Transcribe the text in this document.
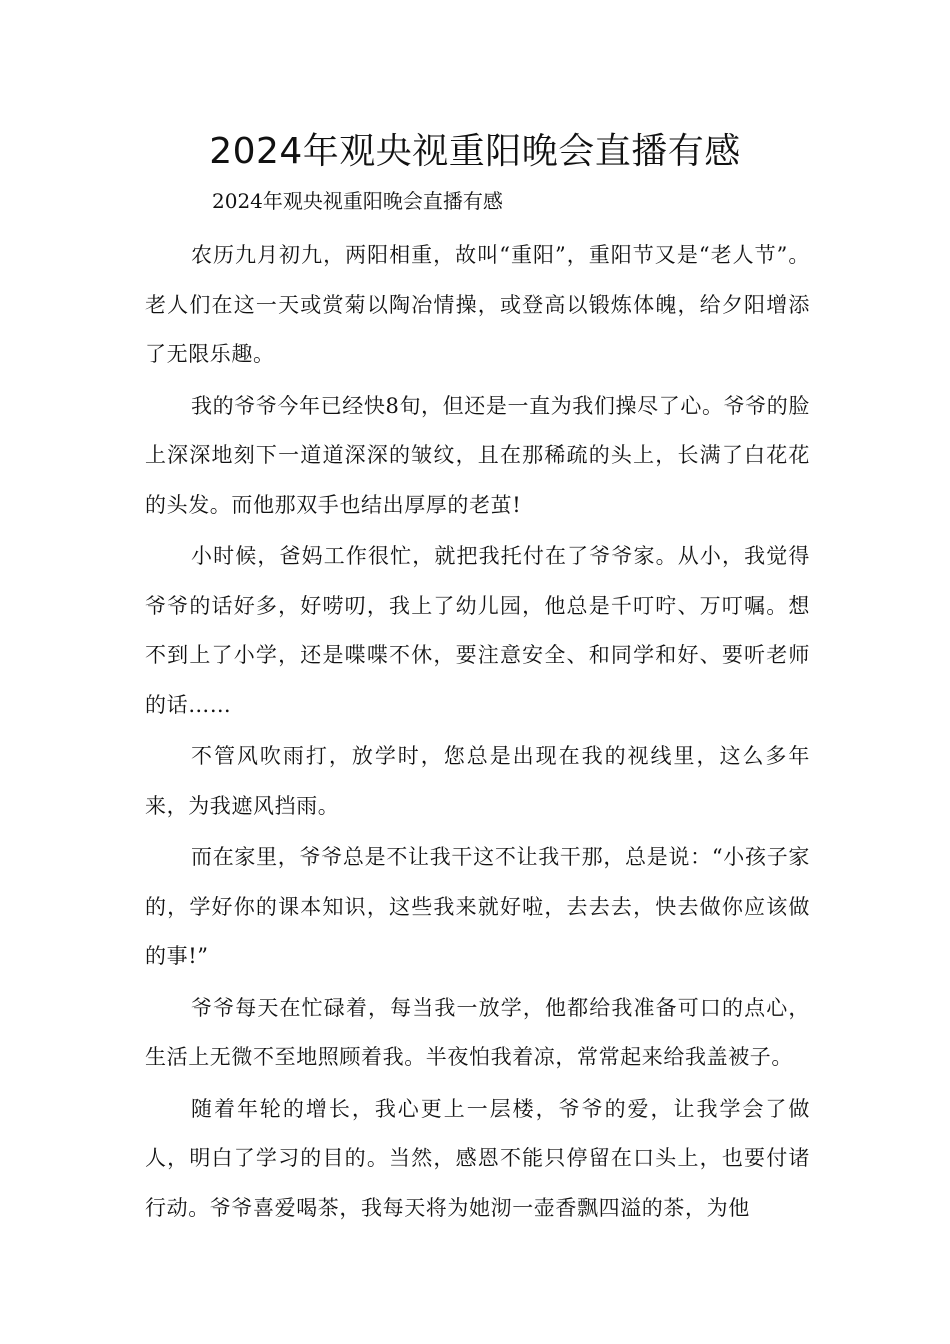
2024年观央视重阳晚会直播有感

2024年观央视重阳晚会直播有感

农历九月初九，两阳相重，故叫“重阳”，重阳节又是“老人节”。老人们在这一天或赏菊以陶冶情操，或登高以锻炼体魄，给夕阳增添了无限乐趣。

我的爷爷今年已经快8旬，但还是一直为我们操尽了心。爷爷的脸上深深地刻下一道道深深的皱纹，且在那稀疏的头上，长满了白花花的头发。而他那双手也结出厚厚的老茧!

小时候，爸妈工作很忙，就把我托付在了爷爷家。从小，我觉得爷爷的话好多，好唠叨，我上了幼儿园，他总是千叮咛、万叮嘱。想不到上了小学，还是喋喋不休，要注意安全、和同学和好、要听老师的话……

不管风吹雨打，放学时，您总是出现在我的视线里，这么多年来，为我遮风挡雨。

而在家里，爷爷总是不让我干这不让我干那，总是说：“小孩子家的，学好你的课本知识，这些我来就好啦，去去去，快去做你应该做的事!”

爷爷每天在忙碌着，每当我一放学，他都给我准备可口的点心，生活上无微不至地照顾着我。半夜怕我着凉，常常起来给我盖被子。

随着年轮的增长，我心更上一层楼，爷爷的爱，让我学会了做人，明白了学习的目的。当然，感恩不能只停留在口头上，也要付诸行动。爷爷喜爱喝茶，我每天将为她沏一壶香飘四溢的茶，为他
